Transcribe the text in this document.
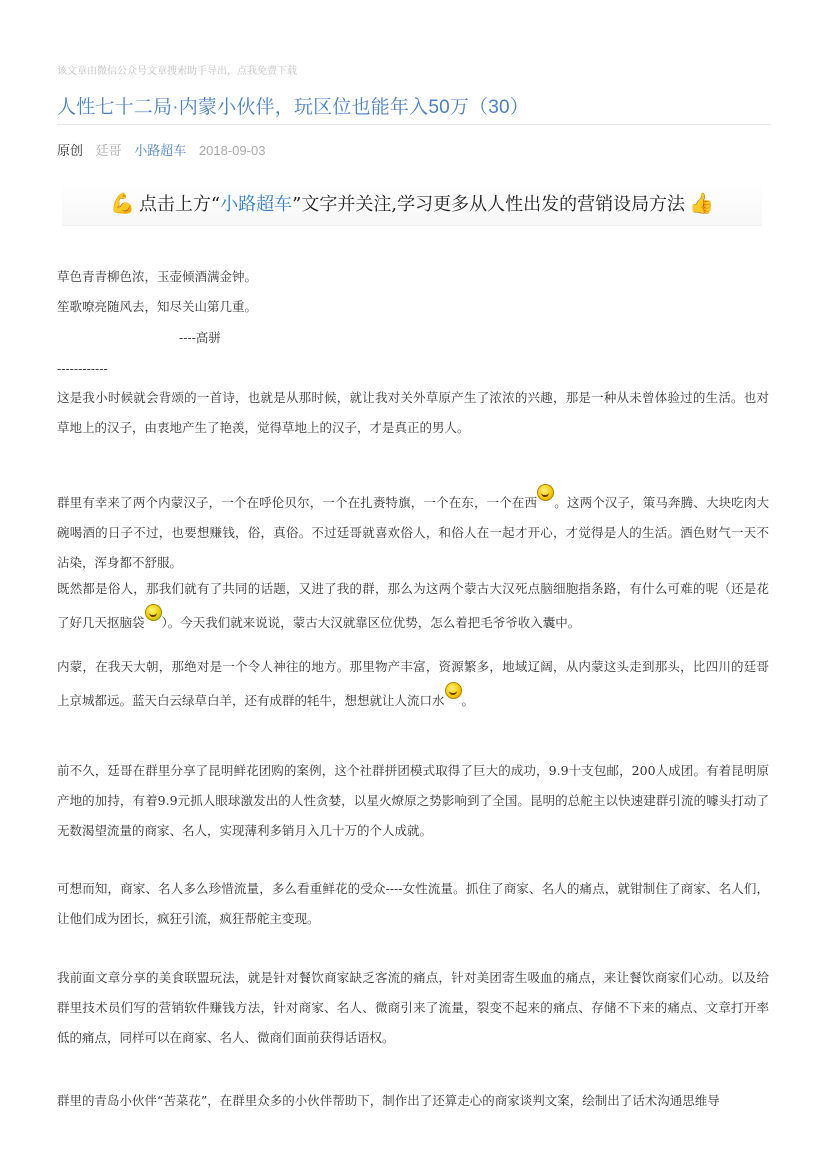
该文章由微信公众号文章搜索助手导出，点我免费下载
人性七十二局·内蒙小伙伴，玩区位也能年入50万（30）
原创 廷哥 小路超车 2018-09-03
💪 点击上方“ 小路超车 ”文字并关注,学习更多从人性出发的营销设局方法 👍

草色青青柳色浓，玉壶倾酒满金钟。

笙歌嘹亮随风去，知尽关山第几重。

----高骈

------------

这是我小时候就会背颂的一首诗，也就是从那时候，就让我对关外草原产生了浓浓的兴趣，那是一种从未曾体验过的生活。也对草地上的汉子，由衷地产生了艳羡，觉得草地上的汉子，才是真正的男人。

群里有幸来了两个内蒙汉子，一个在呼伦贝尔，一个在扎赉特旗，一个在东，一个在西 。这两个汉子，策马奔腾、大块吃肉大碗喝酒的日子不过，也要想赚钱，俗，真俗。不过廷哥就喜欢俗人，和俗人在一起才开心，才觉得是人的生活。酒色财气一天不沾染，浑身都不舒服。

既然都是俗人，那我们就有了共同的话题，又进了我的群，那么为这两个蒙古大汉死点脑细胞指条路，有什么可难的呢（还是花了好几天抠脑袋 ）。今天我们就来说说，蒙古大汉就靠区位优势，怎么着把毛爷爷收入囊中。

内蒙，在我天大朝，那绝对是一个令人神往的地方。那里物产丰富，资源繁多，地域辽阔，从内蒙这头走到那头，比四川的廷哥上京城都远。蓝天白云绿草白羊，还有成群的牦牛，想想就让人流口水 。

前不久，廷哥在群里分享了昆明鲜花团购的案例，这个社群拼团模式取得了巨大的成功，9.9十支包邮，200人成团。有着昆明原产地的加持，有着9.9元抓人眼球激发出的人性贪婪，以星火燎原之势影响到了全国。昆明的总舵主以快速建群引流的噱头打动了无数渴望流量的商家、名人，实现薄利多销月入几十万的个人成就。

可想而知，商家、名人多么珍惜流量，多么看重鲜花的受众----女性流量。抓住了商家、名人的痛点，就钳制住了商家、名人们，让他们成为团长，疯狂引流，疯狂帮舵主变现。

我前面文章分享的美食联盟玩法，就是针对餐饮商家缺乏客流的痛点，针对美团寄生吸血的痛点，来让餐饮商家们心动。以及给群里技术员们写的营销软件赚钱方法，针对商家、名人、微商引来了流量，裂变不起来的痛点、存储不下来的痛点、文章打开率低的痛点，同样可以在商家、名人、微商们面前获得话语权。

群里的青岛小伙伴“苦菜花”，在群里众多的小伙伴帮助下，制作出了还算走心的商家谈判文案，绘制出了话术沟通思维导
